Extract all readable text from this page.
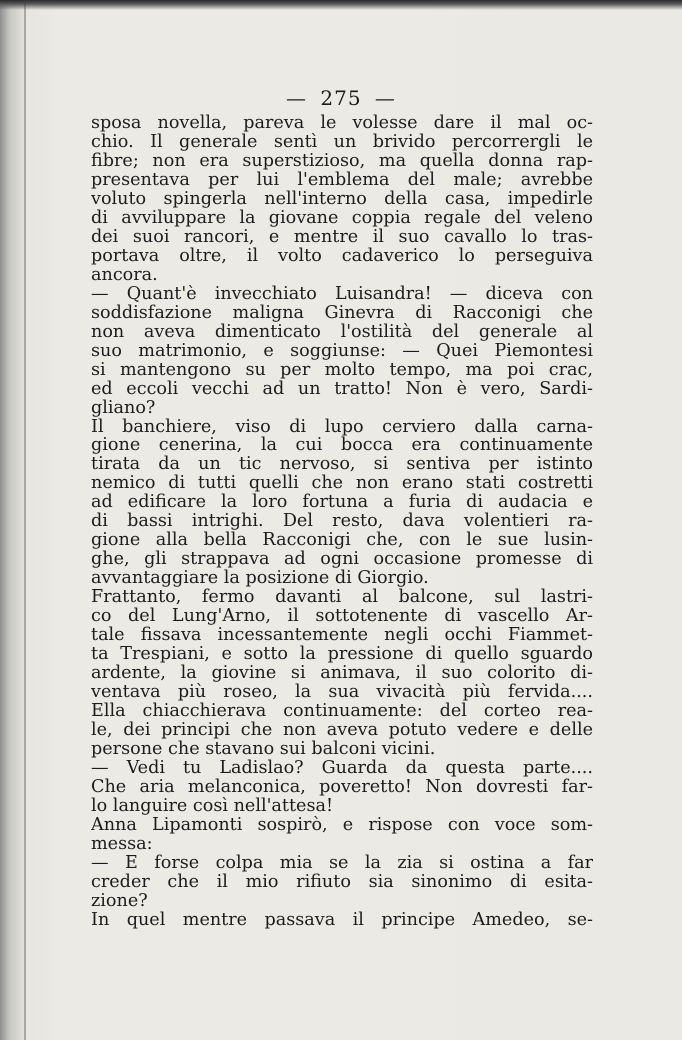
— 275 —
sposa novella, pareva le volesse dare il mal oc-
chio. Il generale sentì un brivido percorrergli le
fibre; non era superstizioso, ma quella donna rap-
presentava per lui l'emblema del male; avrebbe
voluto spingerla nell'interno della casa, impedirle
di avviluppare la giovane coppia regale del veleno
dei suoi rancori, e mentre il suo cavallo lo tras-
portava oltre, il volto cadaverico lo perseguiva
ancora.
— Quant'è invecchiato Luisandra! — diceva con
soddisfazione maligna Ginevra di Racconigi che
non aveva dimenticato l'ostilità del generale al
suo matrimonio, e soggiunse: — Quei Piemontesi
si mantengono su per molto tempo, ma poi crac,
ed eccoli vecchi ad un tratto! Non è vero, Sardi-
gliano?
Il banchiere, viso di lupo cerviero dalla carna-
gione cenerina, la cui bocca era continuamente
tirata da un tic nervoso, si sentiva per istinto
nemico di tutti quelli che non erano stati costretti
ad edificare la loro fortuna a furia di audacia e
di bassi intrighi. Del resto, dava volentieri ra-
gione alla bella Racconigi che, con le sue lusin-
ghe, gli strappava ad ogni occasione promesse di
avvantaggiare la posizione di Giorgio.
Frattanto, fermo davanti al balcone, sul lastri-
co del Lung'Arno, il sottotenente di vascello Ar-
tale fissava incessantemente negli occhi Fiammet-
ta Trespiani, e sotto la pressione di quello sguardo
ardente, la giovine si animava, il suo colorito di-
ventava più roseo, la sua vivacità più fervida....
Ella chiacchierava continuamente: del corteo rea-
le, dei principi che non aveva potuto vedere e delle
persone che stavano sui balconi vicini.
— Vedi tu Ladislao? Guarda da questa parte....
Che aria melanconica, poveretto! Non dovresti far-
lo languire così nell'attesa!
Anna Lipamonti sospirò, e rispose con voce som-
messa:
— È forse colpa mia se la zia si ostina a far
creder che il mio rifiuto sia sinonimo di esita-
zione?
In quel mentre passava il principe Amedeo, se-
